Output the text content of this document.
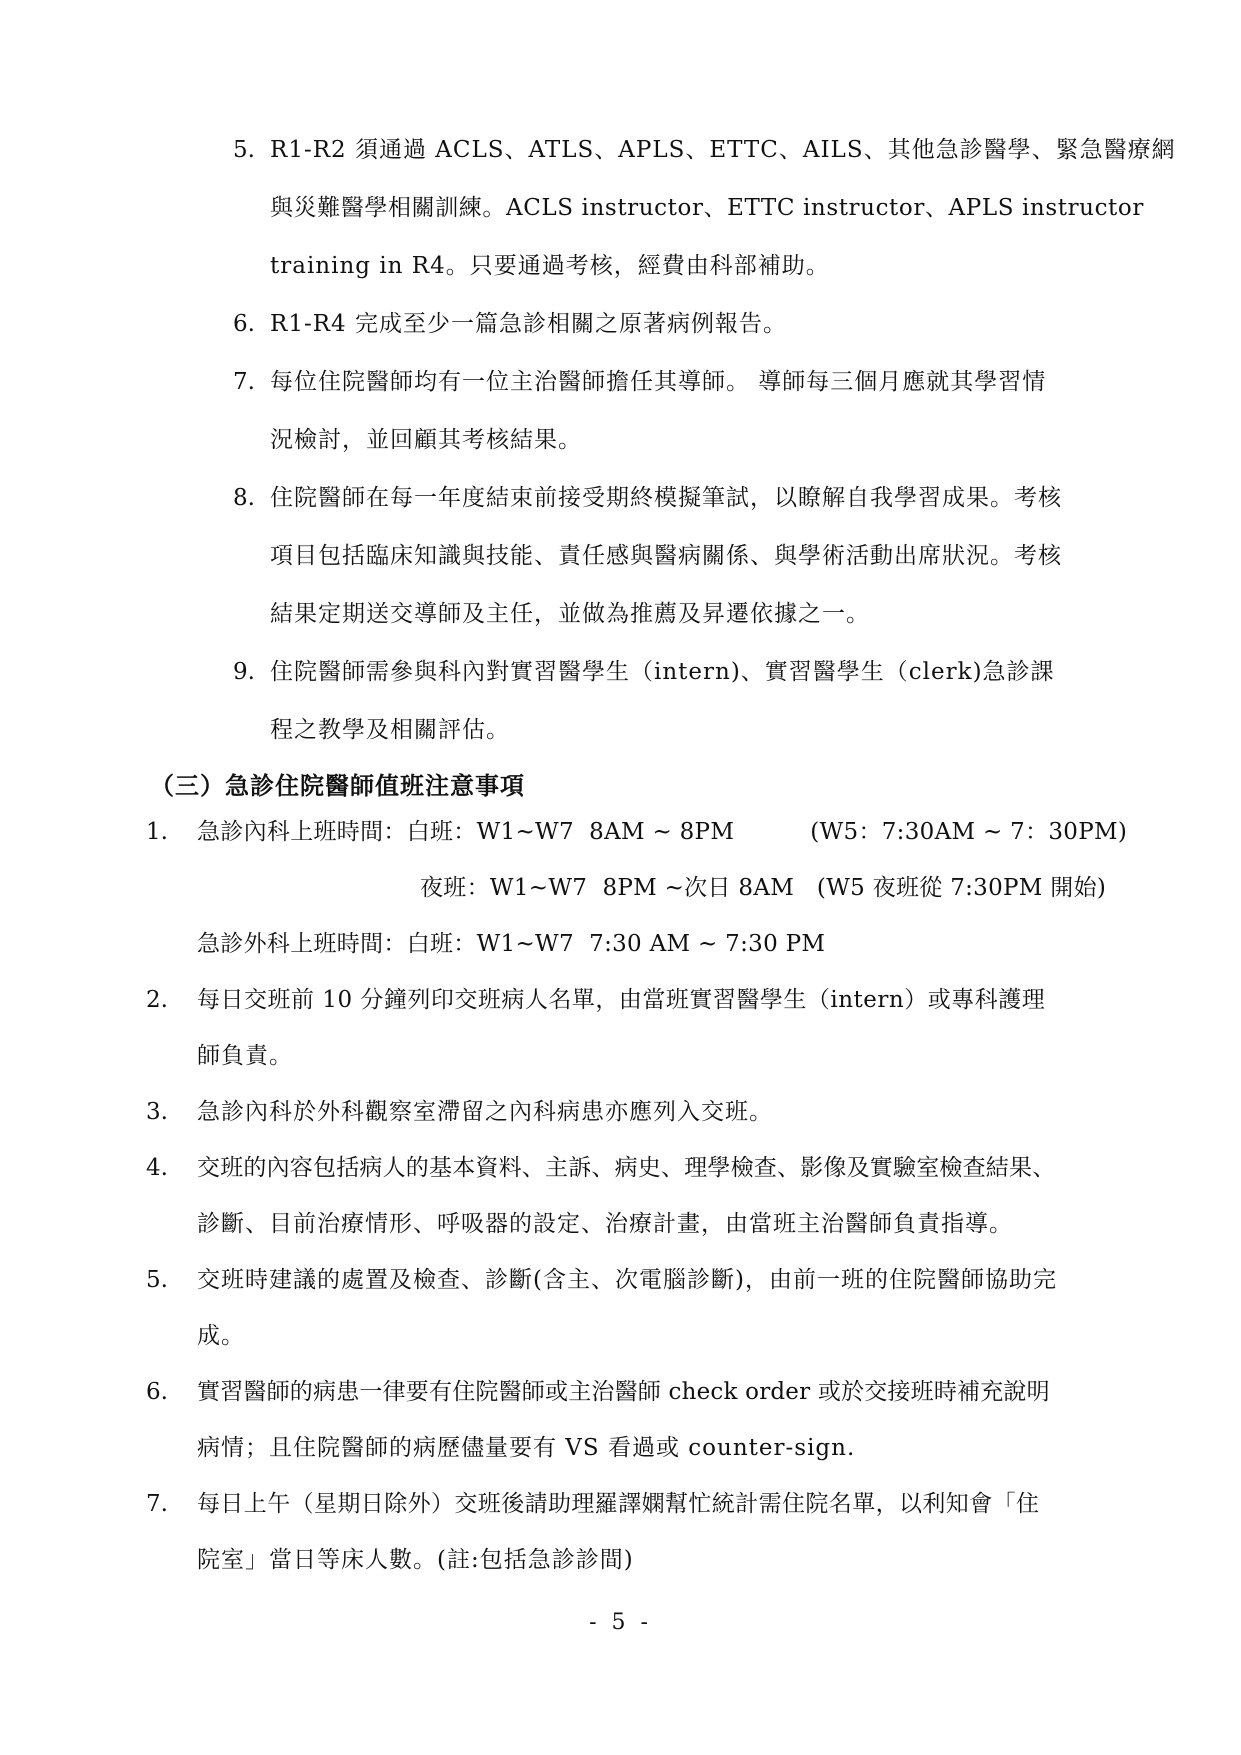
5. R1-R2 須通過 ACLS、ATLS、APLS、ETTC、AILS、其他急診醫學、緊急醫療網
與災難醫學相關訓練。ACLS instructor、ETTC instructor、APLS instructor
training in R4。只要通過考核，經費由科部補助。
6. R1-R4 完成至少一篇急診相關之原著病例報告。
7. 每位住院醫師均有一位主治醫師擔任其導師。 導師每三個月應就其學習情
況檢討，並回顧其考核結果。
8. 住院醫師在每一年度結束前接受期終模擬筆試，以瞭解自我學習成果。考核
項目包括臨床知識與技能、責任感與醫病關係、與學術活動出席狀況。考核
結果定期送交導師及主任，並做為推薦及昇遷依據之一。
9. 住院醫師需參與科內對實習醫學生（intern)、實習醫學生（clerk)急診課
程之教學及相關評估。
（三）急診住院醫師值班注意事項
1. 急診內科上班時間：白班：W1~W7  8AM ~ 8PM          (W5：7:30AM ~ 7：30PM)
夜班：W1~W7  8PM ~次日 8AM   (W5 夜班從 7:30PM 開始)
急診外科上班時間：白班：W1~W7  7:30 AM ~ 7:30 PM
2. 每日交班前 10 分鐘列印交班病人名單，由當班實習醫學生（intern）或專科護理
師負責。
3. 急診內科於外科觀察室滯留之內科病患亦應列入交班。
4. 交班的內容包括病人的基本資料、主訴、病史、理學檢查、影像及實驗室檢查結果、
診斷、目前治療情形、呼吸器的設定、治療計畫，由當班主治醫師負責指導。
5. 交班時建議的處置及檢查、診斷(含主、次電腦診斷)，由前一班的住院醫師協助完
成。
6. 實習醫師的病患一律要有住院醫師或主治醫師 check order 或於交接班時補充說明
病情；且住院醫師的病歷儘量要有 VS 看過或 counter-sign.
7. 每日上午（星期日除外）交班後請助理羅譯嫻幫忙統計需住院名單，以利知會「住
院室」當日等床人數。(註:包括急診診間)
- 5 -
